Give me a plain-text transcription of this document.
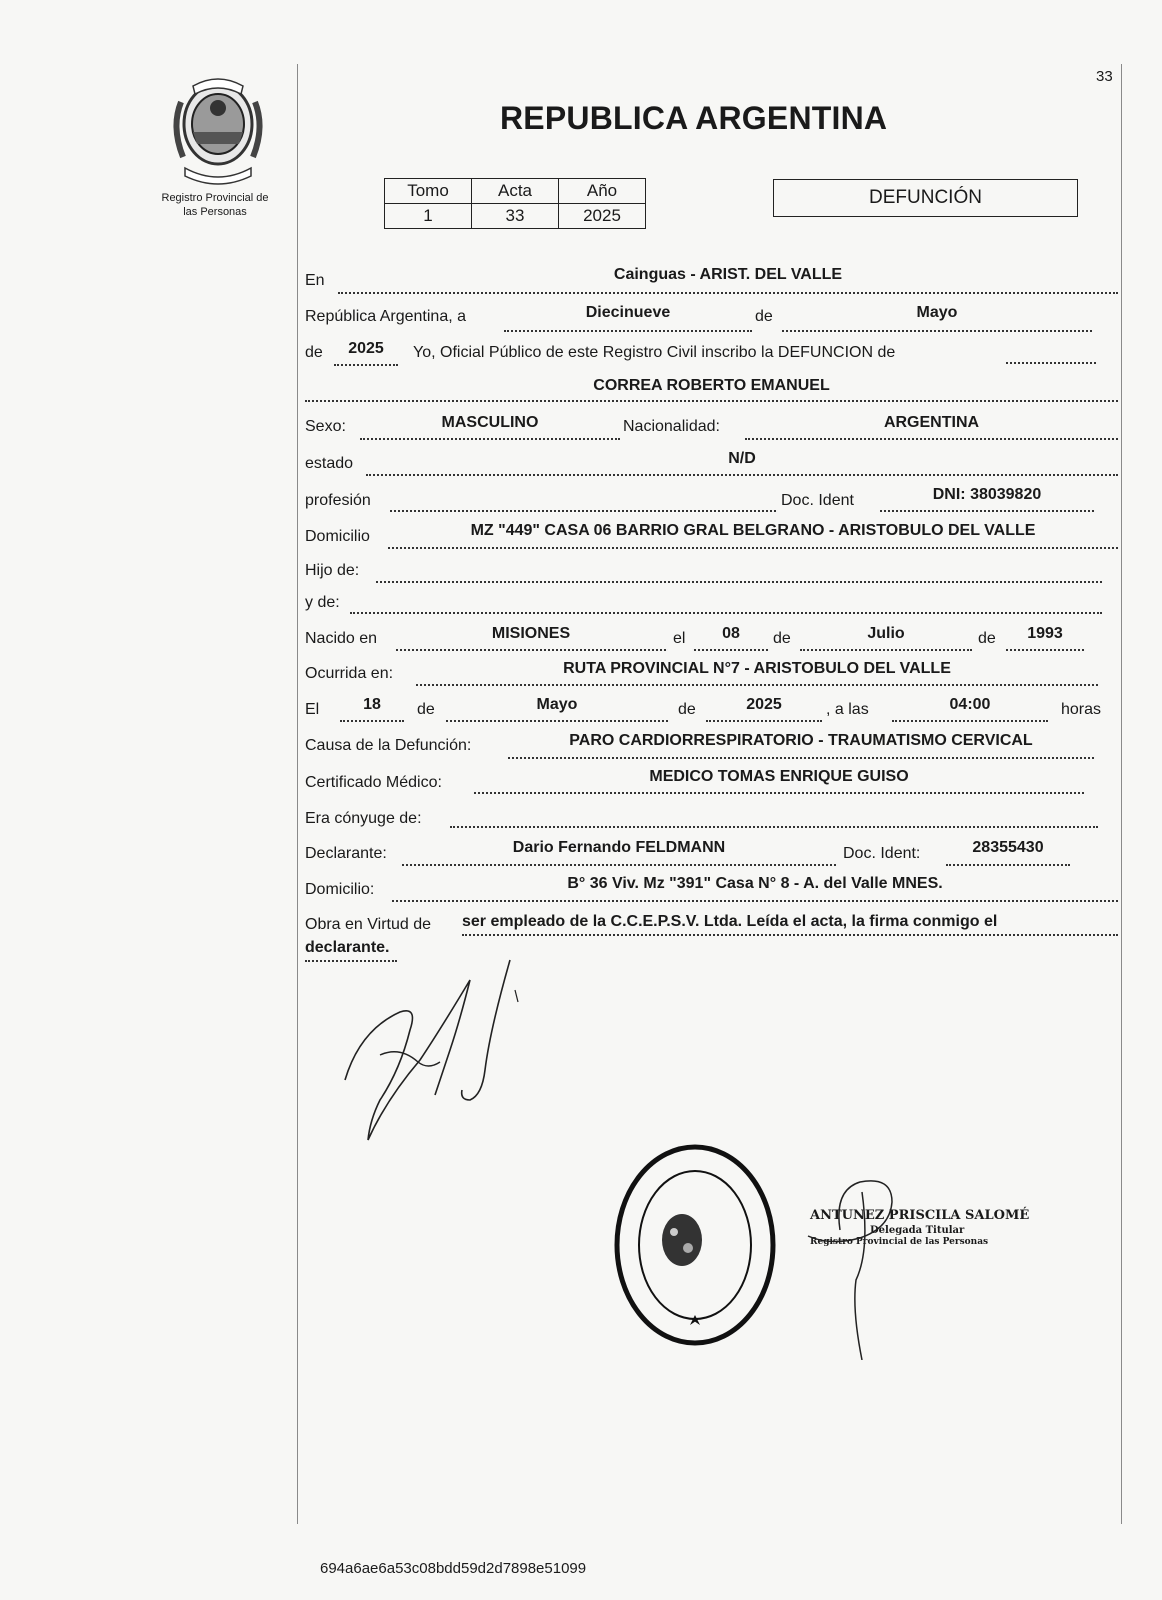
33
Registro Provincial de
las Personas
REPUBLICA ARGENTINA
Tomo	Acta	Año
1	33	2025
DEFUNCIÓN
En	Cainguas - ARIST. DEL VALLE
República Argentina, a	Diecinueve	de	Mayo
de	2025	Yo, Oficial Público de este Registro Civil inscribo la DEFUNCION de
CORREA ROBERTO EMANUEL
Sexo:	MASCULINO	Nacionalidad:	ARGENTINA
estado	N/D
profesión	Doc. Ident	DNI: 38039820
Domicilio	MZ "449" CASA 06 BARRIO GRAL BELGRANO - ARISTOBULO DEL VALLE
Hijo de:
y de:
Nacido en	MISIONES	el	08	de	Julio	de	1993
Ocurrida en:	RUTA PROVINCIAL N°7 - ARISTOBULO DEL VALLE
El	18	de	Mayo	de	2025	, a las	04:00	horas
Causa de la Defunción:	PARO CARDIORRESPIRATORIO - TRAUMATISMO CERVICAL
Certificado Médico:	MEDICO TOMAS ENRIQUE GUISO
Era cónyuge de:
Declarante:	Dario Fernando FELDMANN	Doc. Ident:	28355430
Domicilio:	B° 36 Viv. Mz "391" Casa N° 8 - A. del Valle MNES.
Obra en Virtud de ser empleado de la C.C.E.P.S.V. Ltda. Leída el acta, la firma conmigo el
declarante.
ANTUNEZ PRISCILA SALOMÉ
Delegada Titular
Registro Provincial de las Personas
694a6ae6a53c08bdd59d2d7898e51099
